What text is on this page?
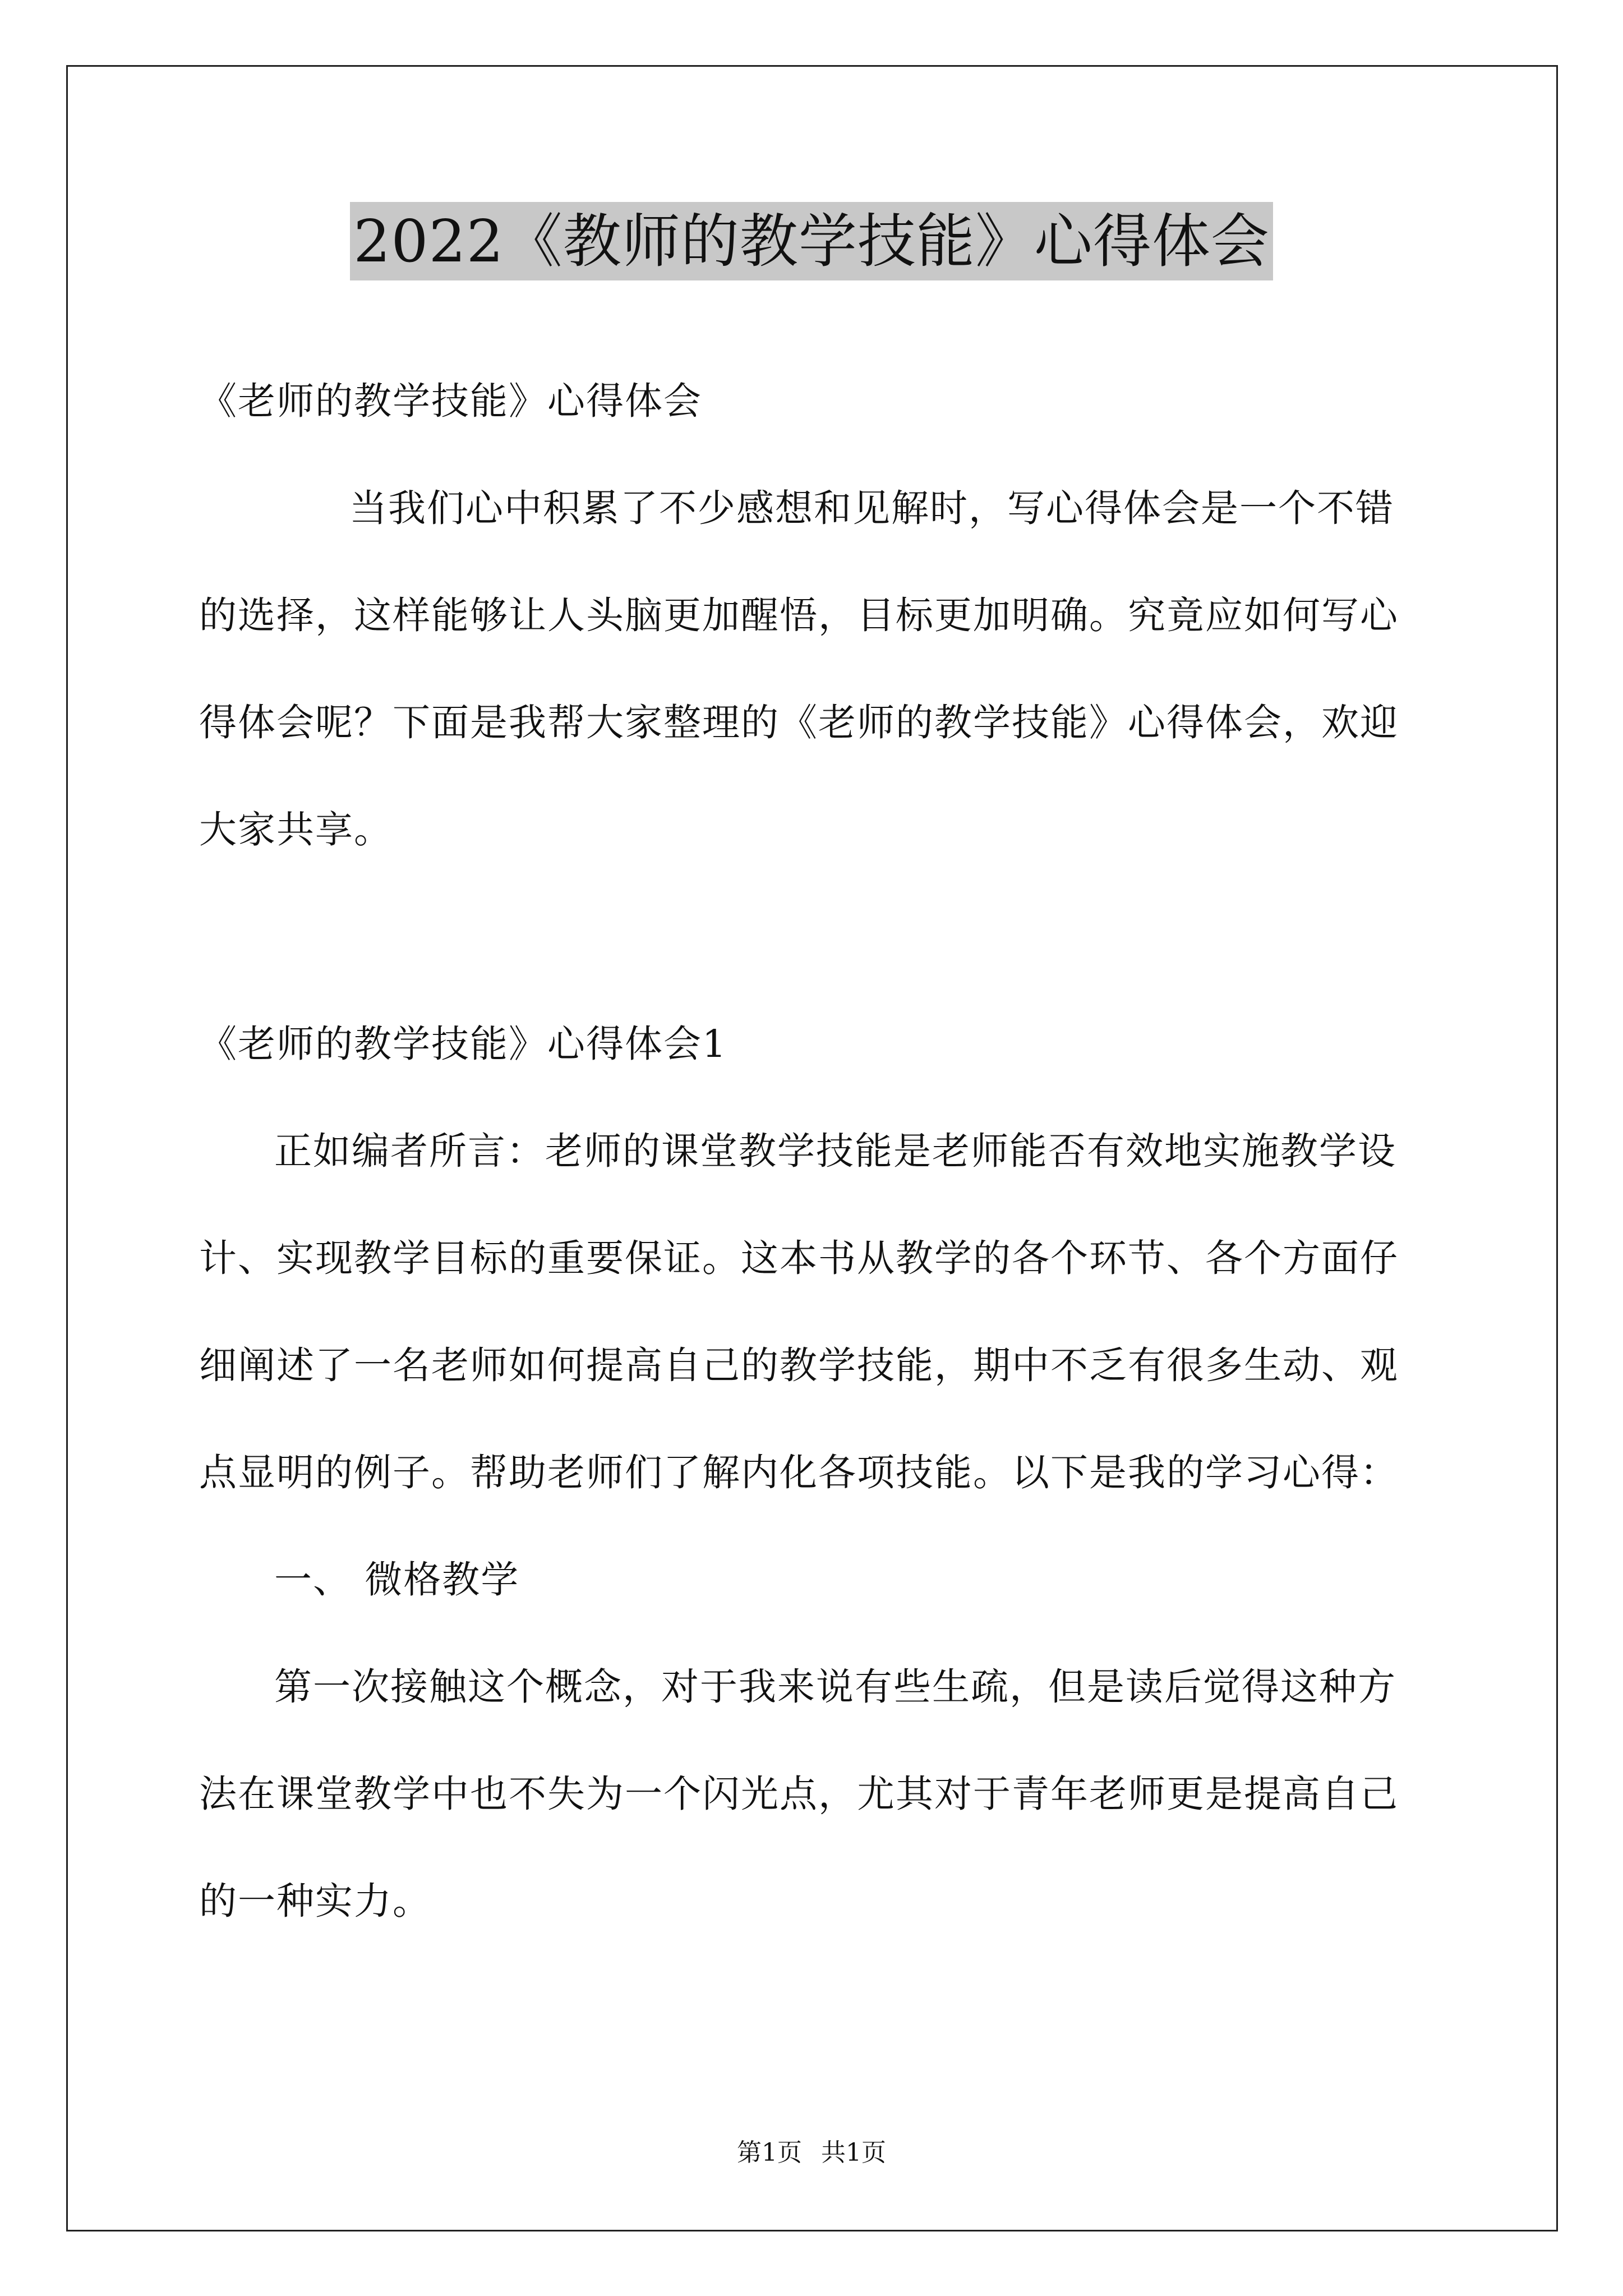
2022《教师的教学技能》心得体会

《老师的教学技能》心得体会

当我们心中积累了不少感想和见解时，写心得体会是一个不错的选择，这样能够让人头脑更加醒悟，目标更加明确。究竟应如何写心得体会呢？下面是我帮大家整理的《老师的教学技能》心得体会，欢迎大家共享。

《老师的教学技能》心得体会1

正如编者所言：老师的课堂教学技能是老师能否有效地实施教学设计、实现教学目标的重要保证。这本书从教学的各个环节、各个方面仔细阐述了一名老师如何提高自己的教学技能，期中不乏有很多生动、观点显明的例子。帮助老师们了解内化各项技能。以下是我的学习心得：

一、 微格教学

第一次接触这个概念，对于我来说有些生疏，但是读后觉得这种方法在课堂教学中也不失为一个闪光点，尤其对于青年老师更是提高自己的一种实力。

第1页 共1页
